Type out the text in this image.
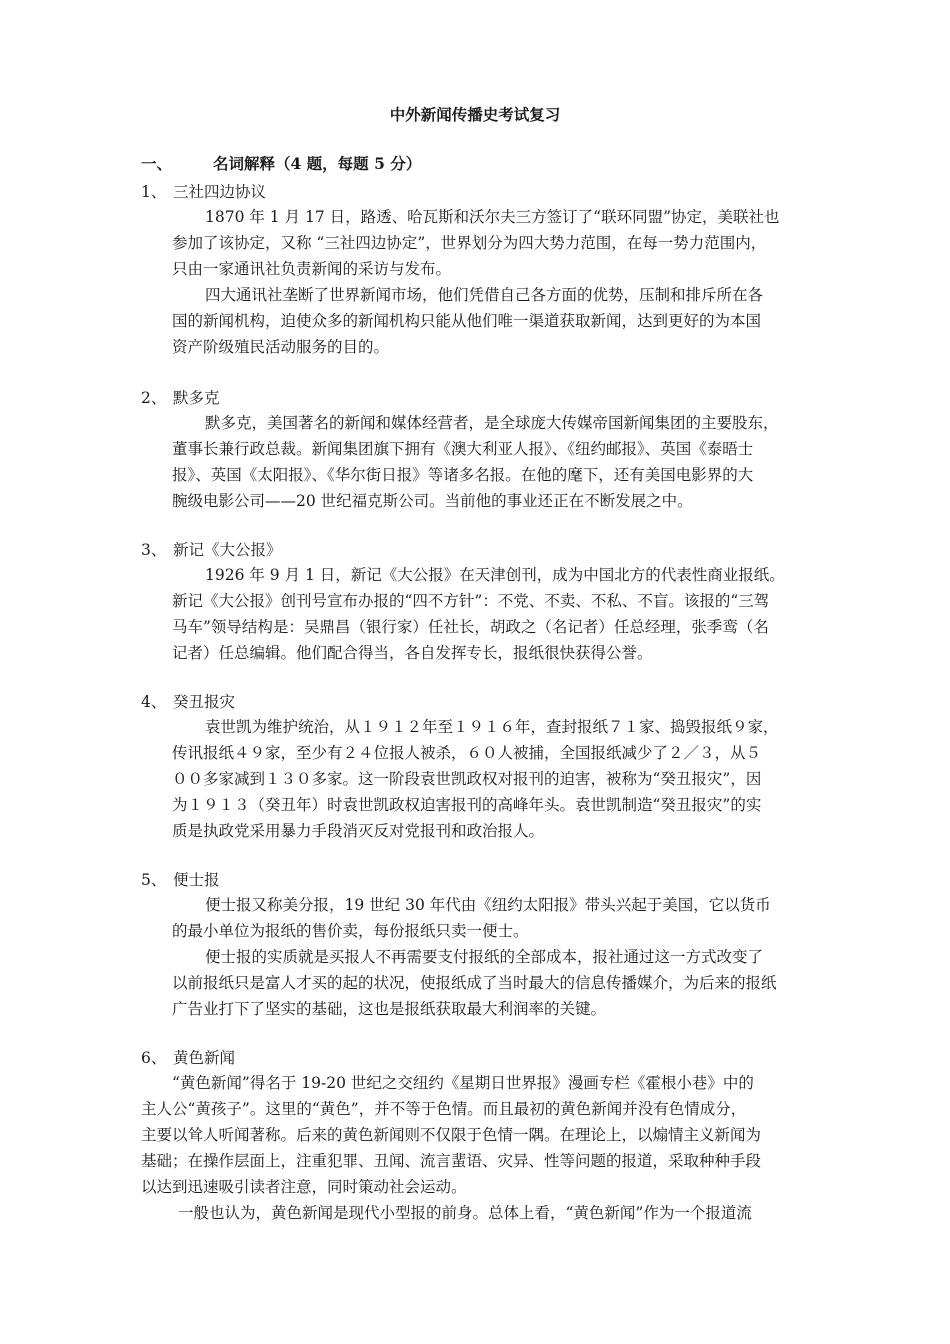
中外新闻传播史考试复习
一、	名词解释（4 题，每题 5 分）
1、 三社四边协议
1870 年 1 月 17 日，路透、哈瓦斯和沃尔夫三方签订了“联环同盟”协定，美联社也
参加了该协定，又称 “三社四边协定”，世界划分为四大势力范围，在每一势力范围内，
只由一家通讯社负责新闻的采访与发布。
四大通讯社垄断了世界新闻市场，他们凭借自己各方面的优势，压制和排斥所在各
国的新闻机构，迫使众多的新闻机构只能从他们唯一渠道获取新闻，达到更好的为本国
资产阶级殖民活动服务的目的。
2、 默多克
默多克，美国著名的新闻和媒体经营者，是全球庞大传媒帝国新闻集团的主要股东，
董事长兼行政总裁。新闻集团旗下拥有《澳大利亚人报》、《纽约邮报》、英国《泰晤士
报》、英国《太阳报》、《华尔街日报》等诸多名报。在他的麾下，还有美国电影界的大
腕级电影公司——20 世纪福克斯公司。当前他的事业还正在不断发展之中。
3、 新记《大公报》
1926 年 9 月 1 日，新记《大公报》在天津创刊，成为中国北方的代表性商业报纸。
新记《大公报》创刊号宣布办报的“四不方针”：不党、不卖、不私、不盲。该报的“三驾
马车”领导结构是：吴鼎昌（银行家）任社长，胡政之（名记者）任总经理，张季鸾（名
记者）任总编辑。他们配合得当，各自发挥专长，报纸很快获得公誉。
4、 癸丑报灾
袁世凯为维护统治，从１９１２年至１９１６年，查封报纸７１家、捣毁报纸９家，
传讯报纸４９家，至少有２４位报人被杀，６０人被捕，全国报纸减少了２／３，从５
００多家减到１３０多家。这一阶段袁世凯政权对报刊的迫害，被称为“癸丑报灾”，因
为１９１３（癸丑年）时袁世凯政权迫害报刊的高峰年头。袁世凯制造“癸丑报灾”的实
质是执政党采用暴力手段消灭反对党报刊和政治报人。
5、 便士报
便士报又称美分报，19 世纪 30 年代由《纽约太阳报》带头兴起于美国，它以货币
的最小单位为报纸的售价卖，每份报纸只卖一便士。
便士报的实质就是买报人不再需要支付报纸的全部成本，报社通过这一方式改变了
以前报纸只是富人才买的起的状况，使报纸成了当时最大的信息传播媒介，为后来的报纸
广告业打下了坚实的基础，这也是报纸获取最大利润率的关键。
6、 黄色新闻
“黄色新闻”得名于 19-20 世纪之交纽约《星期日世界报》漫画专栏《霍根小巷》中的
主人公“黄孩子”。这里的“黄色”，并不等于色情。而且最初的黄色新闻并没有色情成分，
主要以耸人听闻著称。后来的黄色新闻则不仅限于色情一隅。在理论上，以煽情主义新闻为
基础；在操作层面上，注重犯罪、丑闻、流言蜚语、灾异、性等问题的报道，采取种种手段
以达到迅速吸引读者注意，同时策动社会运动。
一般也认为，黄色新闻是现代小型报的前身。总体上看，“黄色新闻”作为一个报道流
